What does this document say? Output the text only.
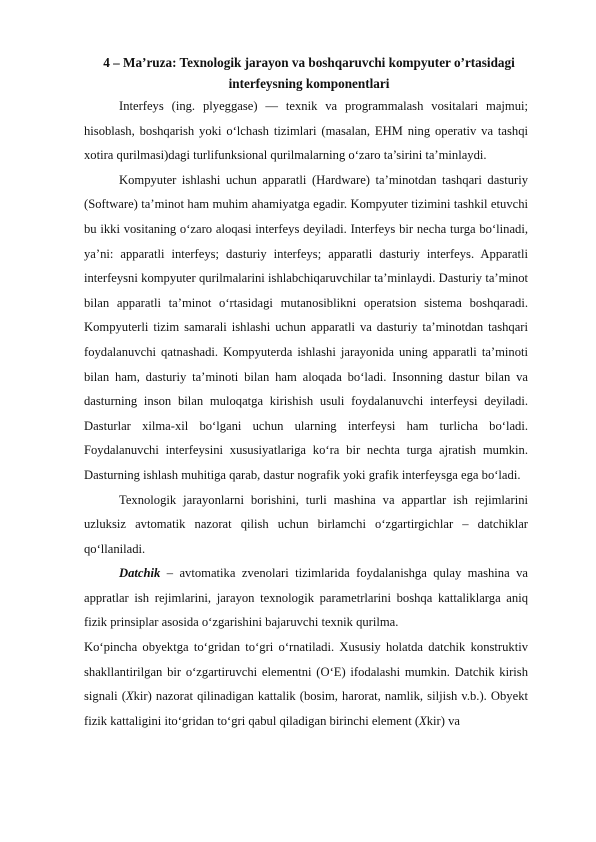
4 – Ma’ruza: Texnologik jarayon va boshqaruvchi kompyuter o’rtasidagi
interfeysning komponentlari

Interfeys (ing. plyeggase) — texnik va programmalash vositalari majmui; hisoblash, boshqarish yoki o‘lchash tizimlari (masalan, EHM ning operativ va tashqi xotira qurilmasi)dagi turlifunksional qurilmalarning o‘zaro ta’sirini ta’minlaydi.

Kompyuter ishlashi uchun apparatli (Hardware) ta’minotdan tashqari dasturiy (Software) ta’minot ham muhim ahamiyatga egadir. Kompyuter tizimini tashkil etuvchi bu ikki vositaning o‘zaro aloqasi interfeys deyiladi. Interfeys bir necha turga bo‘linadi, ya’ni: apparatli interfeys; dasturiy interfeys; apparatli dasturiy interfeys. Apparatli interfeysni kompyuter qurilmalarini ishlabchiqaruvchilar ta’minlaydi. Dasturiy ta’minot bilan apparatli ta’minot o‘rtasidagi mutanosiblikni operatsion sistema boshqaradi. Kompyuterli tizim samarali ishlashi uchun apparatli va dasturiy ta’minotdan tashqari foydalanuvchi qatnashadi. Kompyuterda ishlashi jarayonida uning apparatli ta’minoti bilan ham, dasturiy ta’minoti bilan ham aloqada bo‘ladi. Insonning dastur bilan va dasturning inson bilan muloqatga kirishish usuli foydalanuvchi interfeysi deyiladi. Dasturlar xilma-xil bo‘lgani uchun ularning interfeysi ham turlicha bo‘ladi. Foydalanuvchi interfeysini xususiyatlariga ko‘ra bir nechta turga ajratish mumkin. Dasturning ishlash muhitiga qarab, dastur nografik yoki grafik interfeysga ega bo‘ladi.

Texnologik jarayonlarni borishini, turli mashina va appartlar ish rejimlarini uzluksiz avtomatik nazorat qilish uchun birlamchi o‘zgartirgichlar – datchiklar qo‘llaniladi.

Datchik – avtomatika zvenolari tizimlarida foydalanishga qulay mashina va appratlar ish rejimlarini, jarayon texnologik parametrlarini boshqa kattaliklarga aniq fizik prinsiplar asosida o‘zgarishini bajaruvchi texnik qurilma.

Ko‘pincha obyektga to‘gridan to‘gri o‘rnatiladi. Xususiy holatda datchik konstruktiv shakllantirilgan bir o‘zgartiruvchi elementni (O‘E) ifodalashi mumkin. Datchik kirish signali (Xkir) nazorat qilinadigan kattalik (bosim, harorat, namlik, siljish v.b.). Obyekt fizik kattaligini ito‘gridan to‘gri qabul qiladigan birinchi element (Xkir) va
